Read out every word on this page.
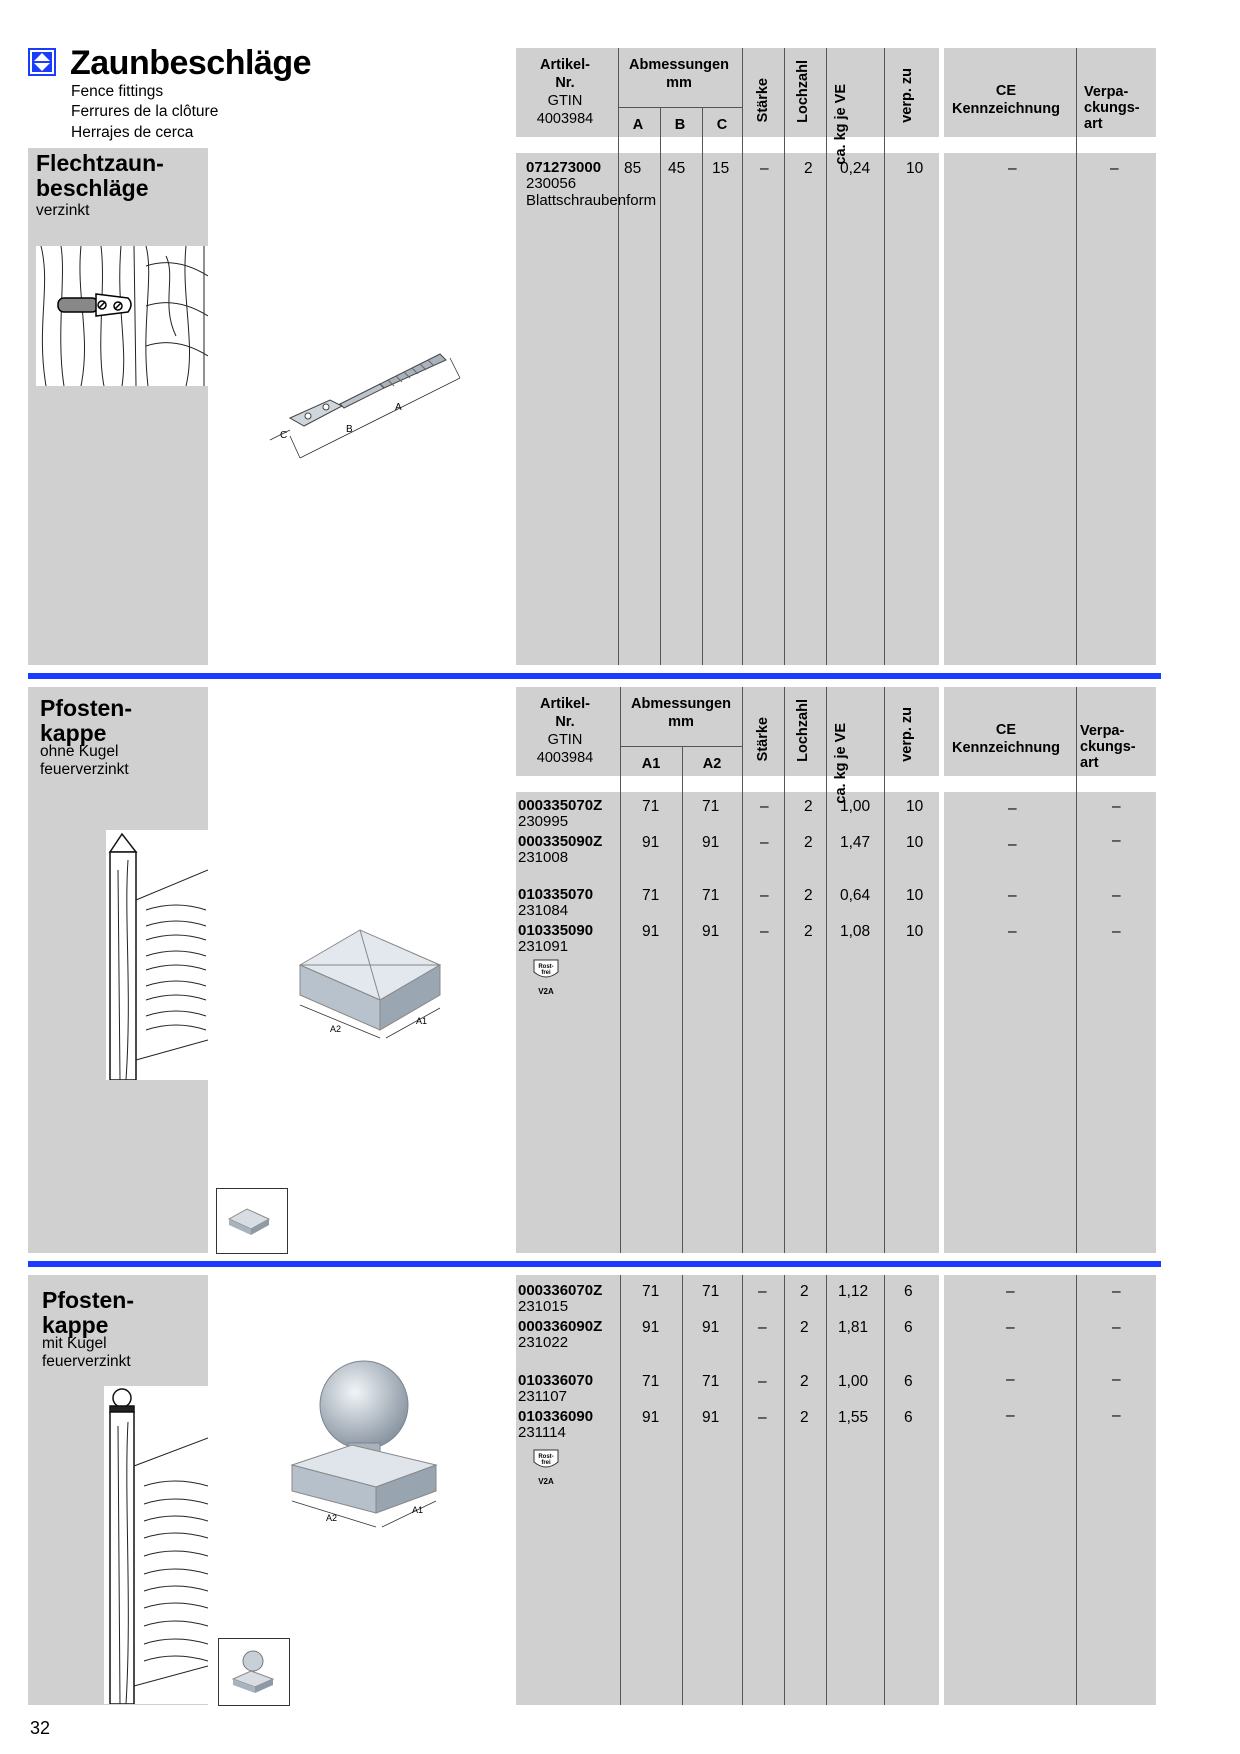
Zaunbeschläge
Fence fittings
Ferrures de la clôture
Herrajes de cerca
Flechtzaun-
beschläge
verzinkt
C
B
A
Artikel-
Nr.
GTIN
4003984
Abmessungen
mm
A	B	C
Stärke Lochzahl
ca. kg je VE	verp. zu	CE
Kennzeichnung
Verpa-
ckungs-
art
071273000
230056
Blattschraubenform
85 45 15 – 2 0,24 10	–	–
Pfosten-
kappe
ohne Kugel
feuerverzinkt
A2
A1
Artikel-
Nr.
GTIN
4003984
Abmessungen
mm
A1	A2
Stärke Lochzahl
ca. kg je VE	verp. zu	CE
Kennzeichnung
Verpa-
ckungs-
art
000335070Z
230995
71	71	– 2 1,00 10	–	–
000335090Z
231008
91	91	– 2 1,47 10	–	–
010335070
231084
71	71	– 2 0,64 10	–	–
010335090
231091
91	91	– 2 1,08 10	–	–
Rost-
frei
V2A
Pfosten-
kappe
mit Kugel
feuerverzinkt
A2
A1
000336070Z
231015
71	71	– 2 1,12 6	–	–
000336090Z
231022
91	91	– 2 1,81 6	–	–
010336070
231107
71	71	– 2 1,00 6	–	–
010336090
231114
91	91	– 2 1,55 6	–	–
Rost-
frei
V2A
32
